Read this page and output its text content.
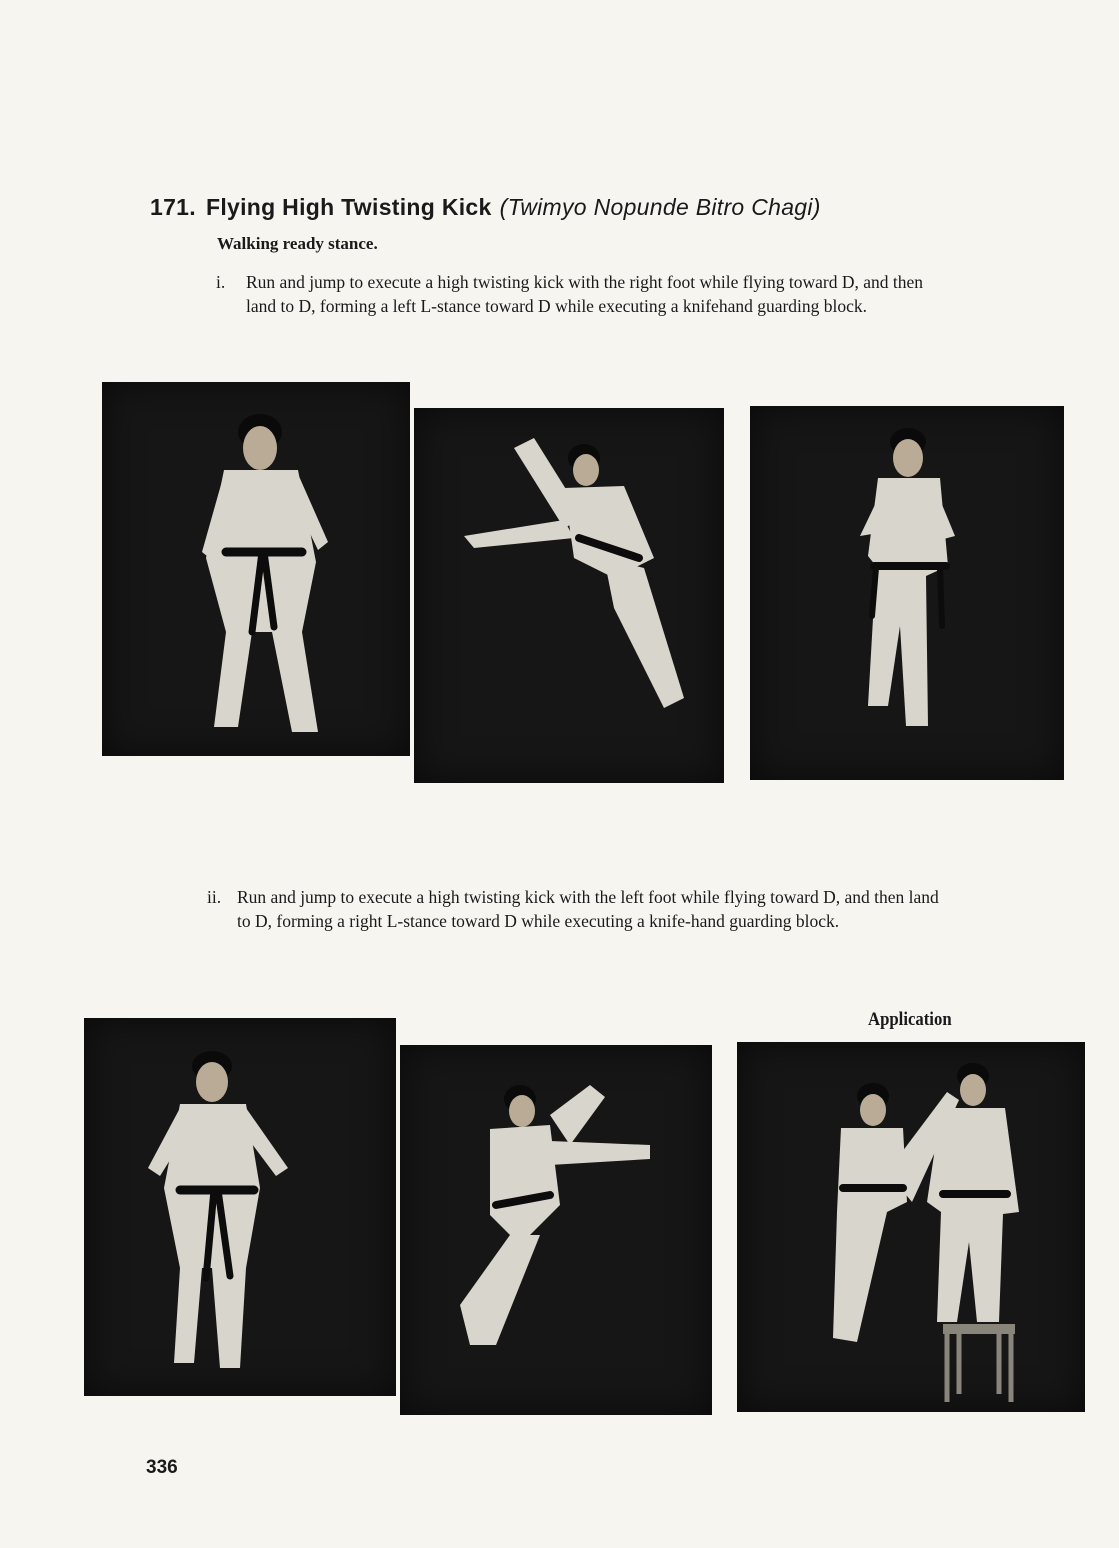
171. Flying High Twisting Kick (Twimyo Nopunde Bitro Chagi)
Walking ready stance.
i. Run and jump to execute a high twisting kick with the right foot while flying toward D, and then land to D, forming a left L-stance toward D while executing a knifehand guarding block.
ii. Run and jump to execute a high twisting kick with the left foot while flying toward D, and then land to D, forming a right L-stance toward D while executing a knife-hand guarding block.
Application
336
